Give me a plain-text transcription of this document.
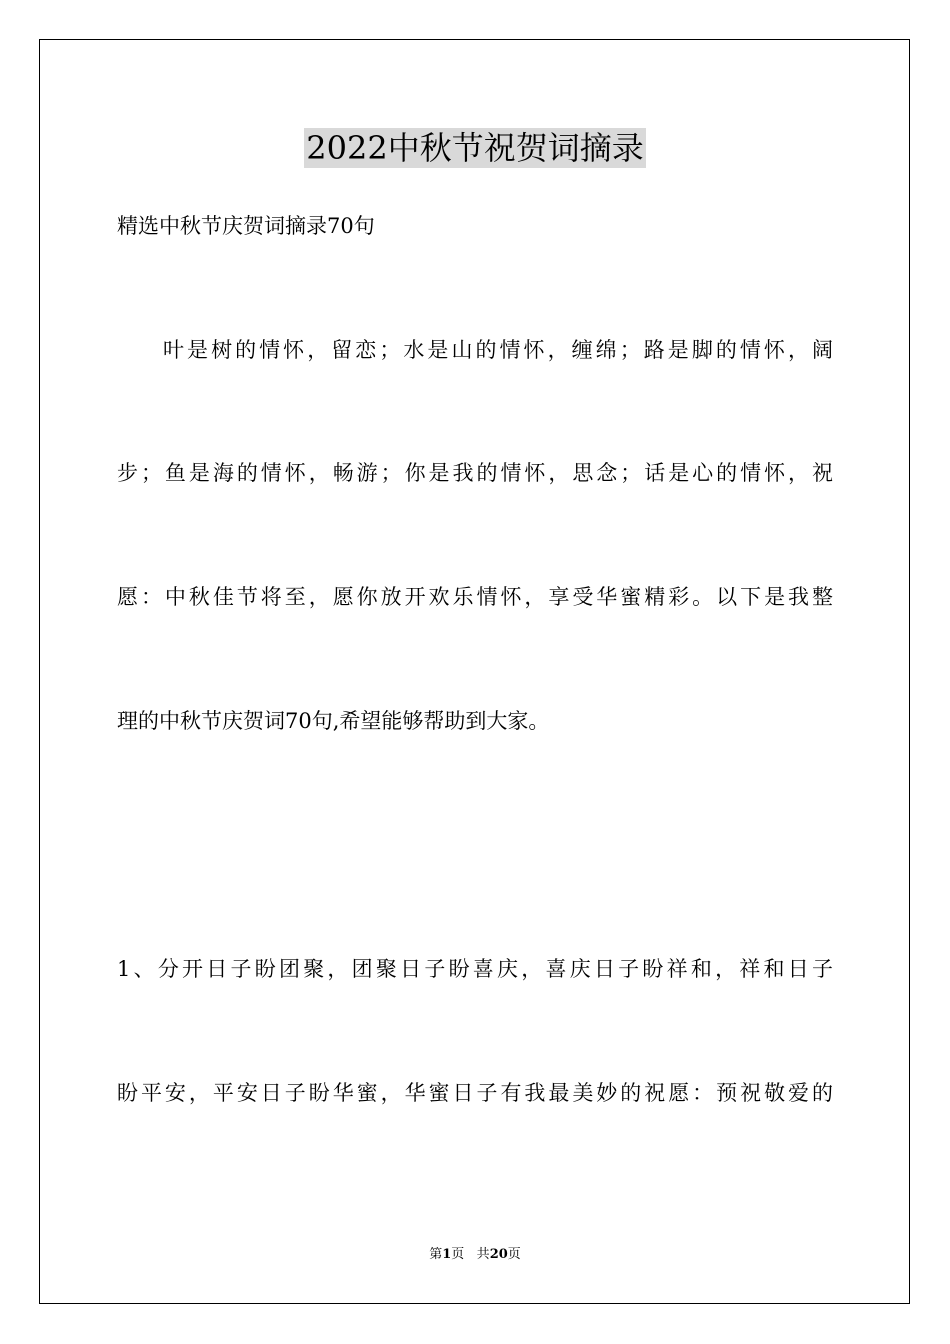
2022中秋节祝贺词摘录
精选中秋节庆贺词摘录70句
叶是树的情怀，留恋；水是山的情怀，缠绵；路是脚的情怀，阔
步；鱼是海的情怀，畅游；你是我的情怀，思念；话是心的情怀，祝
愿：中秋佳节将至，愿你放开欢乐情怀，享受华蜜精彩。以下是我整
理的中秋节庆贺词70句,希望能够帮助到大家。
1、分开日子盼团聚，团聚日子盼喜庆，喜庆日子盼祥和，祥和日子
盼平安，平安日子盼华蜜，华蜜日子有我最美妙的祝愿：预祝敬爱的
第1页 共20页
